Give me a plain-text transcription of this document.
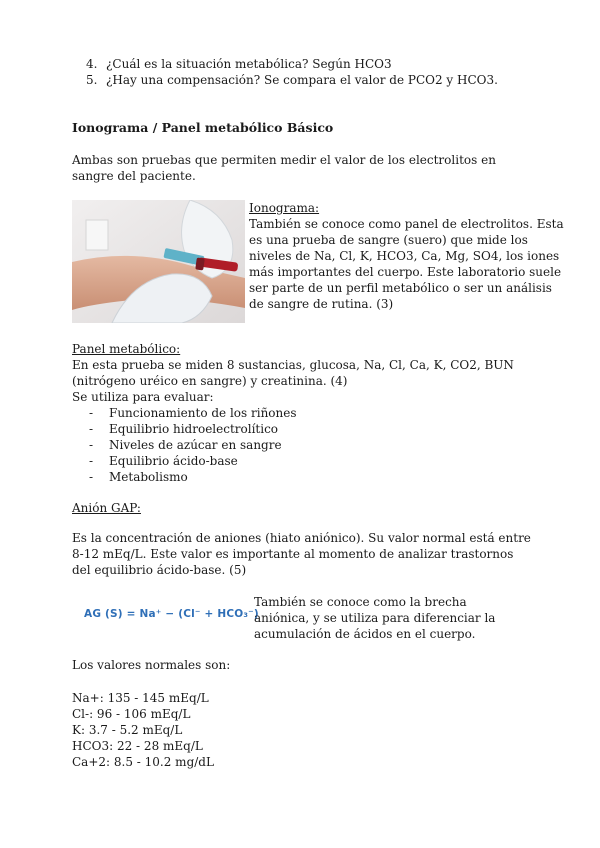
4. ¿Cuál es la situación metabólica? Según HCO3
5. ¿Hay una compensación? Se compara el valor de PCO2 y HCO3.
Ionograma / Panel metabólico Básico
Ambas son pruebas que permiten medir el valor de los electrolitos en sangre del paciente.
Ionograma:
También se conoce como panel de electrolitos. Esta
es una prueba de sangre (suero) que mide los
niveles de Na, Cl, K, HCO3, Ca, Mg, SO4, los iones
más importantes del cuerpo. Este laboratorio suele
ser parte de un perfil metabólico o ser un análisis
de sangre de rutina. (3)
Panel metabólico:
En esta prueba se miden 8 sustancias, glucosa, Na, Cl, Ca, K, CO2, BUN (nitrógeno uréico en sangre) y creatinina. (4)
Se utiliza para evaluar:
- Funcionamiento de los riñones
- Equilibrio hidroelectrolítico
- Niveles de azúcar en sangre
- Equilibrio ácido-base
- Metabolismo
Anión GAP:
Es la concentración de aniones (hiato aniónico). Su valor normal está entre 8-12 mEq/L. Este valor es importante al momento de analizar trastornos del equilibrio ácido-base. (5)
AG (S) = Na⁺ − (Cl⁻ + HCO₃⁻)
También se conoce como la brecha aniónica, y se utiliza para diferenciar la acumulación de ácidos en el cuerpo.
Los valores normales son:
Na+: 135 - 145 mEq/L
Cl-: 96 - 106 mEq/L
K: 3.7 - 5.2 mEq/L
HCO3: 22 - 28 mEq/L
Ca+2: 8.5 - 10.2 mg/dL
